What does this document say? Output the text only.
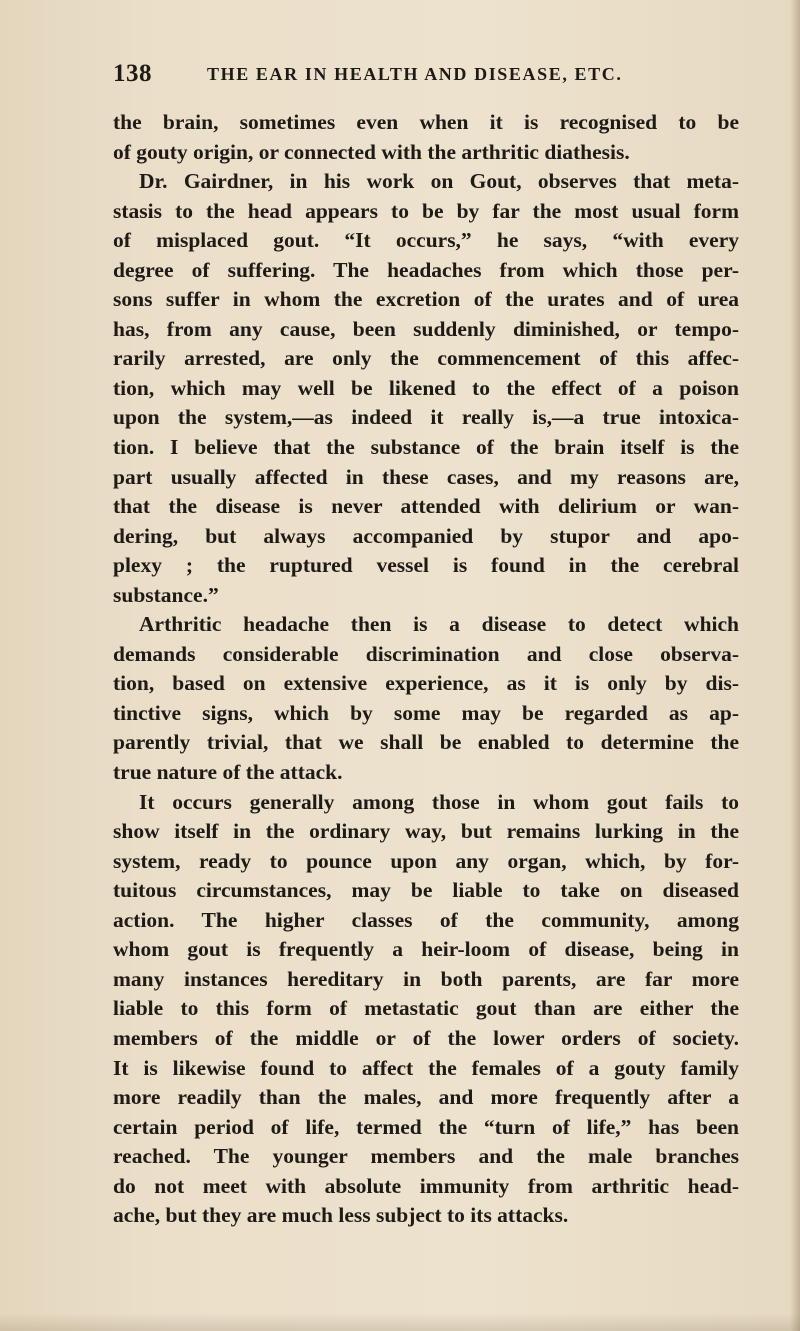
138	THE EAR IN HEALTH AND DISEASE, ETC.
the brain, sometimes even when it is recognised to be
of gouty origin, or connected with the arthritic diathesis.
Dr. Gairdner, in his work on Gout, observes that meta-
stasis to the head appears to be by far the most usual form
of misplaced gout. “It occurs,” he says, “with every
degree of suffering. The headaches from which those per-
sons suffer in whom the excretion of the urates and of urea
has, from any cause, been suddenly diminished, or tempo-
rarily arrested, are only the commencement of this affec-
tion, which may well be likened to the effect of a poison
upon the system,—as indeed it really is,—a true intoxica-
tion. I believe that the substance of the brain itself is the
part usually affected in these cases, and my reasons are,
that the disease is never attended with delirium or wan-
dering, but always accompanied by stupor and apo-
plexy ; the ruptured vessel is found in the cerebral
substance.”
Arthritic headache then is a disease to detect which
demands considerable discrimination and close observa-
tion, based on extensive experience, as it is only by dis-
tinctive signs, which by some may be regarded as ap-
parently trivial, that we shall be enabled to determine the
true nature of the attack.
It occurs generally among those in whom gout fails to
show itself in the ordinary way, but remains lurking in the
system, ready to pounce upon any organ, which, by for-
tuitous circumstances, may be liable to take on diseased
action. The higher classes of the community, among
whom gout is frequently a heir-loom of disease, being in
many instances hereditary in both parents, are far more
liable to this form of metastatic gout than are either the
members of the middle or of the lower orders of society.
It is likewise found to affect the females of a gouty family
more readily than the males, and more frequently after a
certain period of life, termed the “turn of life,” has been
reached. The younger members and the male branches
do not meet with absolute immunity from arthritic head-
ache, but they are much less subject to its attacks.
